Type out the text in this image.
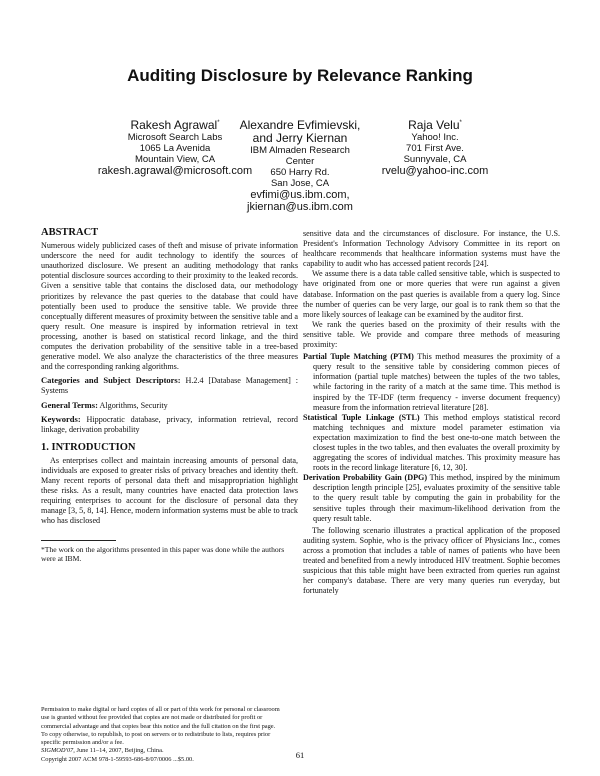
Auditing Disclosure by Relevance Ranking
Rakesh Agrawal*
Microsoft Search Labs
1065 La Avenida
Mountain View, CA
rakesh.agrawal@microsoft.com
Alexandre Evfimievski,
and Jerry Kiernan
IBM Almaden Research
Center
650 Harry Rd.
San Jose, CA
evfimi@us.ibm.com,
jkiernan@us.ibm.com
Raja Velu*
Yahoo! Inc.
701 First Ave.
Sunnyvale, CA
rvelu@yahoo-inc.com
ABSTRACT

Numerous widely publicized cases of theft and misuse of private information underscore the need for audit technology to identify the sources of unauthorized disclosure. We present an auditing methodology that ranks potential disclosure sources according to their proximity to the leaked records. Given a sensitive table that contains the disclosed data, our methodology prioritizes by relevance the past queries to the database that could have potentially been used to produce the sensitive table. We provide three conceptually different measures of proximity between the sensitive table and a query result. One measure is inspired by information retrieval in text processing, another is based on statistical record linkage, and the third computes the derivation probability of the sensitive table in a tree-based generative model. We also analyze the characteristics of the three measures and the corresponding ranking algorithms.

Categories and Subject Descriptors: H.2.4 [Database Management] : Systems
General Terms: Algorithms, Security
Keywords: Hippocratic database, privacy, information retrieval, record linkage, derivation probability
1. INTRODUCTION

As enterprises collect and maintain increasing amounts of personal data, individuals are exposed to greater risks of privacy breaches and identity theft. Many recent reports of personal data theft and misappropriation highlight these risks. As a result, many countries have enacted data protection laws requiring enterprises to account for the disclosure of personal data they manage [3, 5, 8, 14]. Hence, modern information systems must be able to track who has disclosed

*The work on the algorithms presented in this paper was done while the authors were at IBM.
Permission to make digital or hard copies of all or part of this work for personal or classroom use is granted without fee provided that copies are not made or distributed for profit or commercial advantage and that copies bear this notice and the full citation on the first page. To copy otherwise, to republish, to post on servers or to redistribute to lists, requires prior specific permission and/or a fee.
SIGMOD'07, June 11–14, 2007, Beijing, China.
Copyright 2007 ACM 978-1-59593-686-8/07/0006 ...$5.00.

sensitive data and the circumstances of disclosure. For instance, the U.S. President's Information Technology Advisory Committee in its report on healthcare recommends that healthcare information systems must have the capability to audit who has accessed patient records [24].

We assume there is a data table called sensitive table, which is suspected to have originated from one or more queries that were run against a given database. Information on the past queries is available from a query log. Since the number of queries can be very large, our goal is to rank them so that the more likely sources of leakage can be examined by the auditor first.

We rank the queries based on the proximity of their results with the sensitive table. We provide and compare three methods of measuring proximity:

Partial Tuple Matching (PTM) This method measures the proximity of a query result to the sensitive table by considering common pieces of information (partial tuple matches) between the tuples of the two tables, while factoring in the rarity of a match at the same time. This method is inspired by the TF-IDF (term frequency - inverse document frequency) measure from the information retrieval literature [28].
Statistical Tuple Linkage (STL) This method employs statistical record matching techniques and mixture model parameter estimation via expectation maximization to find the best one-to-one match between the closest tuples in the two tables, and then evaluates the overall proximity by aggregating the scores of individual matches. This proximity measure has roots in the record linkage literature [6, 12, 30].
Derivation Probability Gain (DPG) This method, inspired by the minimum description length principle [25], evaluates proximity of the sensitive table to the query result table by computing the gain in probability for the sensitive tuples through their maximum-likelihood derivation from the query result table.

The following scenario illustrates a practical application of the proposed auditing system. Sophie, who is the privacy officer of Physicians Inc., comes across a promotion that includes a table of names of patients who have been treated and benefited from a newly introduced HIV treatment. Sophie becomes suspicious that this table might have been extracted from queries run against her company's database. There are very many queries run everyday, but fortunately

61
